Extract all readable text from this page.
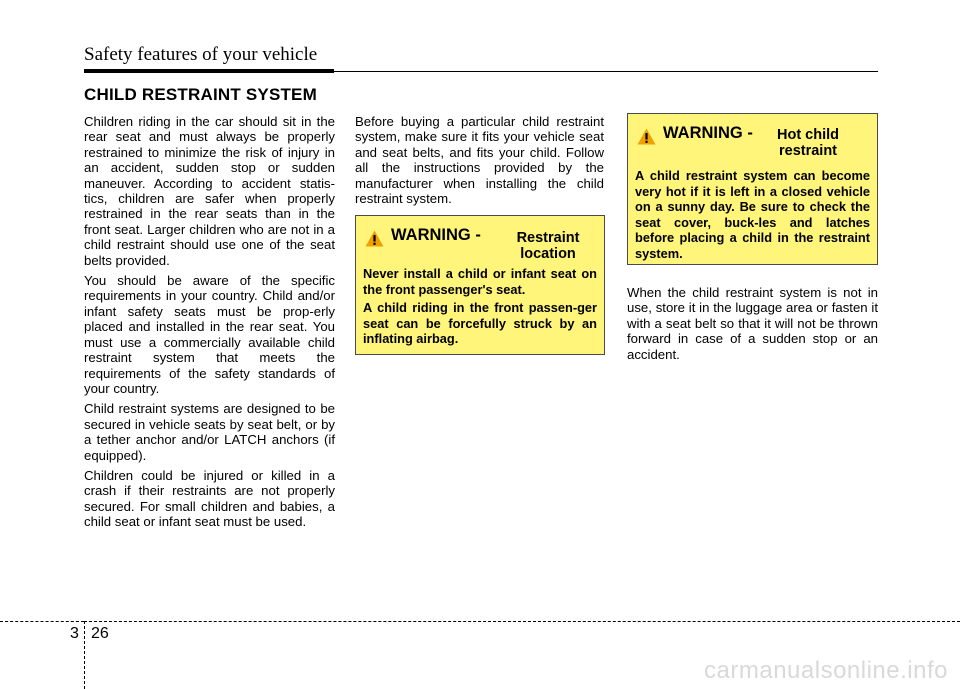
Safety features of your vehicle
CHILD RESTRAINT SYSTEM

Children riding in the car should sit in the rear seat and must always be properly restrained to minimize the risk of injury in an accident, sudden stop or sudden maneuver. According to accident statis-tics, children are safer when properly restrained in the rear seats than in the front seat. Larger children who are not in a child restraint should use one of the seat belts provided.

You should be aware of the specific requirements in your country. Child and/or infant safety seats must be prop-erly placed and installed in the rear seat. You must use a commercially available child restraint system that meets the requirements of the safety standards of your country.

Child restraint systems are designed to be secured in vehicle seats by seat belt, or by a tether anchor and/or LATCH anchors (if equipped).

Children could be injured or killed in a crash if their restraints are not properly secured. For small children and babies, a child seat or infant seat must be used.

Before buying a particular child restraint system, make sure it fits your vehicle seat and seat belts, and fits your child. Follow all the instructions provided by the manufacturer when installing the child restraint system.

WARNING -	Restraint location

Never install a child or infant seat on the front passenger's seat.

A child riding in the front passen-ger seat can be forcefully struck by an inflating airbag.

WARNING -	Hot child restraint

A child restraint system can become very hot if it is left in a closed vehicle on a sunny day. Be sure to check the seat cover, buck-les and latches before placing a child in the restraint system.

When the child restraint system is not in use, store it in the luggage area or fasten it with a seat belt so that it will not be thrown forward in case of a sudden stop or an accident.

3 26
carmanualsonline.info
